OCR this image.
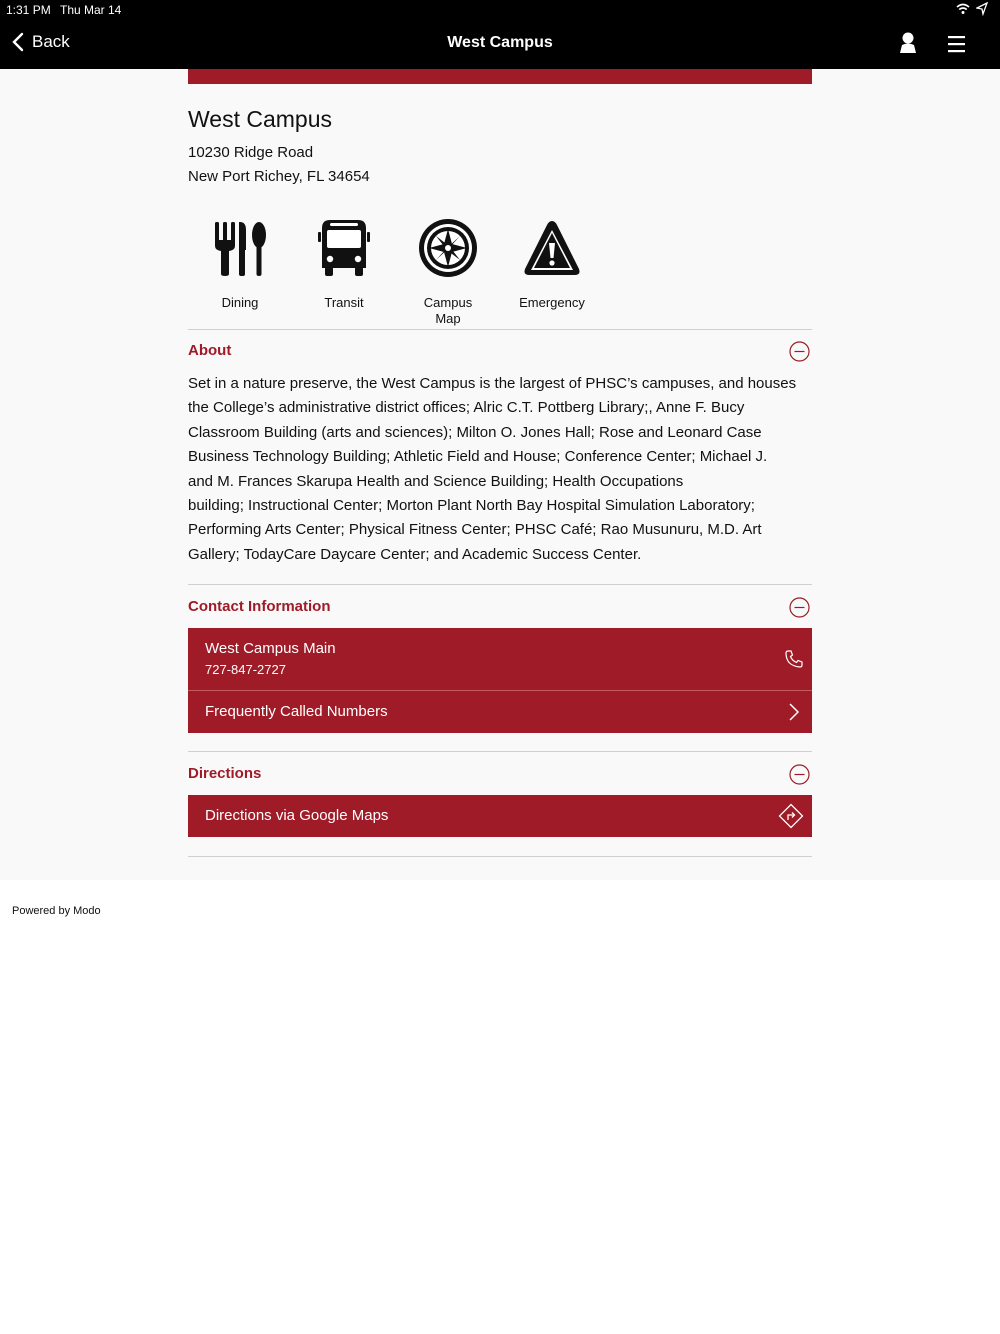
1:31 PM Thu Mar 14
Back	West Campus
West Campus
10230 Ridge Road
New Port Richey, FL 34654
Dining	Transit	Campus
Map
Emergency
About
Set in a nature preserve, the West Campus is the largest of PHSC’s campuses, and houses
the College’s administrative district offices; Alric C.T. Pottberg Library;, Anne F. Bucy
Classroom Building (arts and sciences); Milton O. Jones Hall; Rose and Leonard Case
Business Technology Building; Athletic Field and House; Conference Center; Michael J.
and M. Frances Skarupa Health and Science Building; Health Occupations
building; Instructional Center; Morton Plant North Bay Hospital Simulation Laboratory;
Performing Arts Center; Physical Fitness Center; PHSC Café; Rao Musunuru, M.D. Art
Gallery; TodayCare Daycare Center; and Academic Success Center.
Contact Information
West Campus Main
727-847-2727
Frequently Called Numbers
Directions
Directions via Google Maps
Powered by Modo
